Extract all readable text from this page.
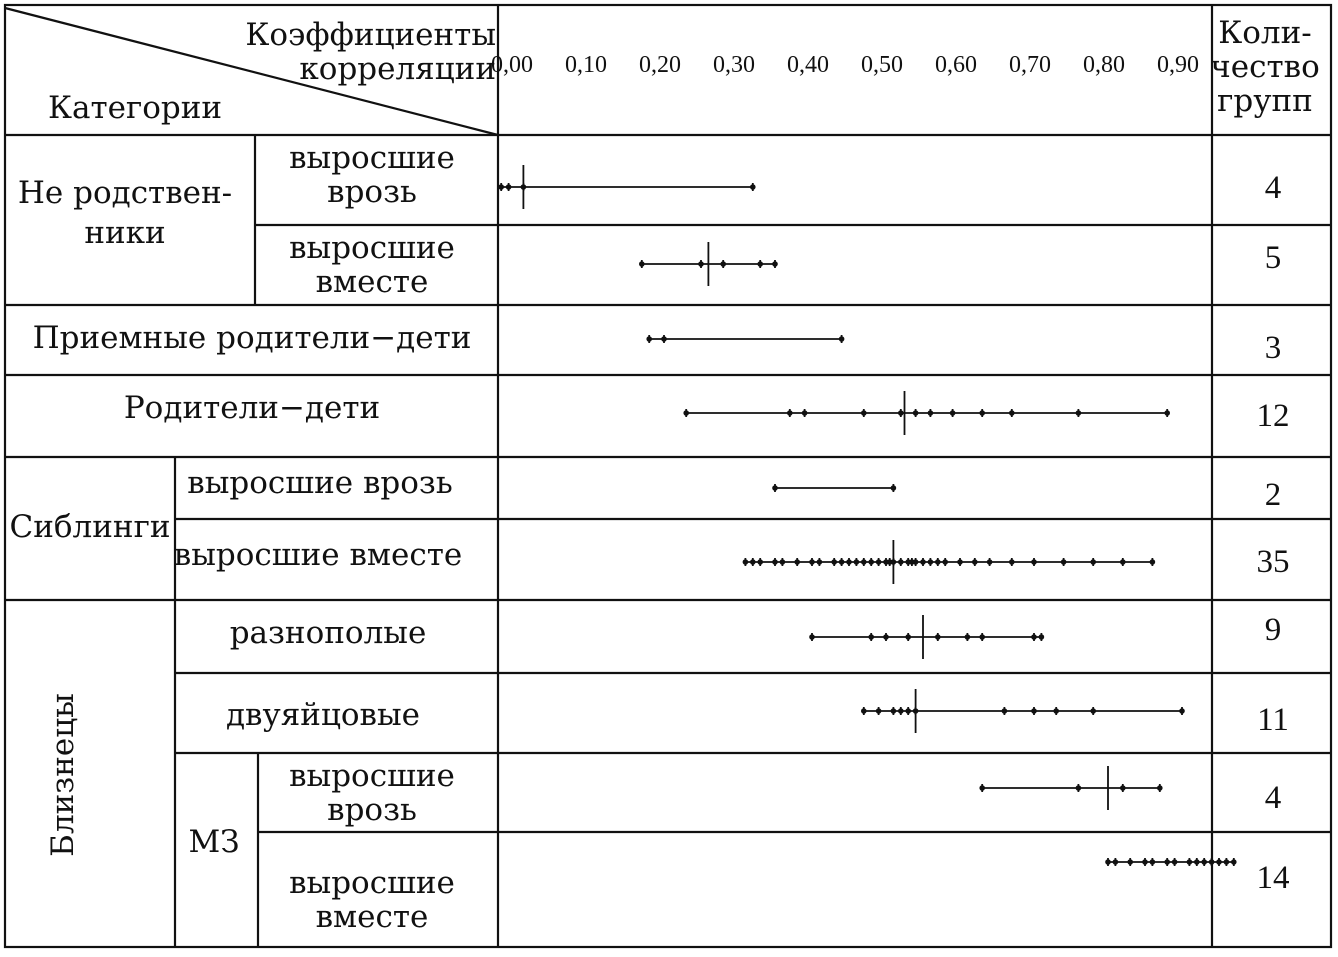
Категории
Коэффициенты
корреляции
Коли-
чество
групп
0,00 0,10 0,20 0,30 0,40 0,50 0,60 0,70 0,80 0,90
Не родствен-
ники
Сиблинги
Близнецы	МЗ
выросшие
врозь
выросшие
вместе
Приемные родители−дети
Родители−дети
выросшие врозь
выросшие вместе
разнополые
двуяйцовые
выросшие
врозь
выросшие
вместе
4
5
3
12
2
35
9
11
4
14
